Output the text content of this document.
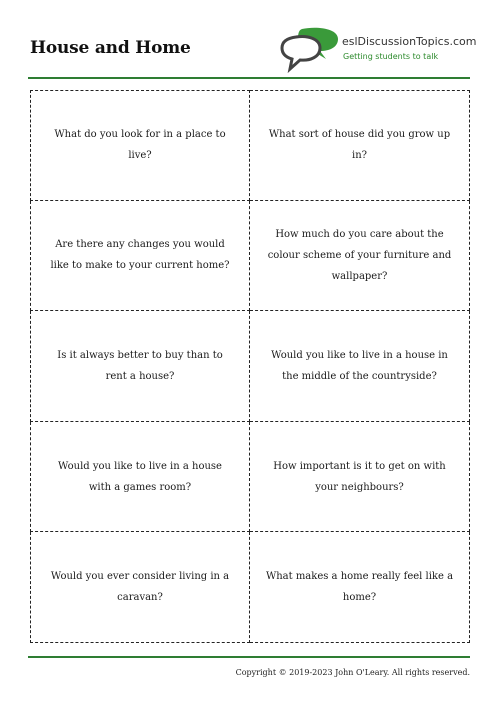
House and Home	eslDiscussionTopics.com
Getting students to talk
What do you look for in a place to live?
What sort of house did you grow up in?
Are there any changes you would like to make to your current home?
How much do you care about the colour scheme of your furniture and wallpaper?
Is it always better to buy than to rent a house?
Would you like to live in a house in the middle of the countryside?
Would you like to live in a house with a games room?
How important is it to get on with your neighbours?
Would you ever consider living in a caravan?
What makes a home really feel like a home?
Copyright © 2019-2023 John O'Leary. All rights reserved.
